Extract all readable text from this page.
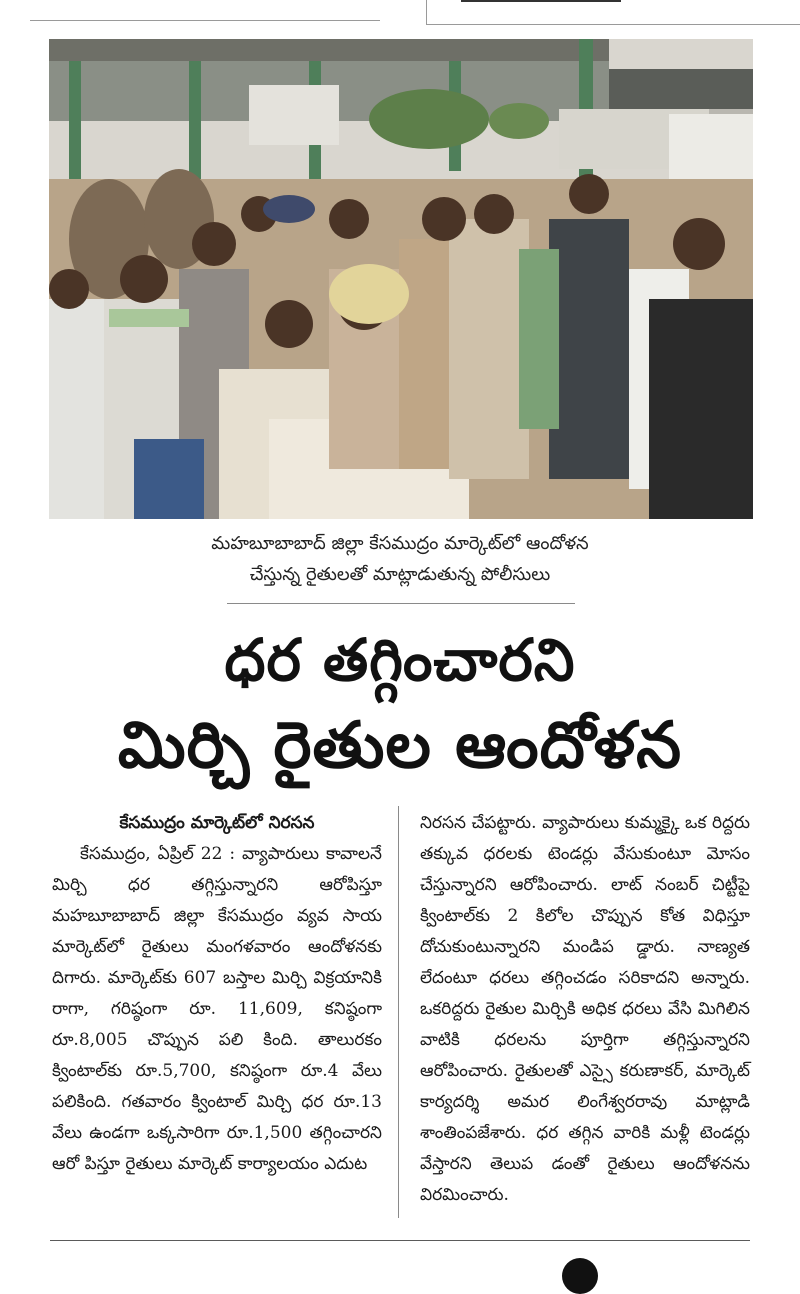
మహబూబాబాద్ జిల్లా కేసముద్రం మార్కెట్‌లో ఆందోళన
చేస్తున్న రైతులతో మాట్లాడుతున్న పోలీసులు
ధర తగ్గించారని
మిర్చి రైతుల ఆందోళన

కేసముద్రం మార్కెట్‌లో నిరసన

కేసముద్రం, ఏప్రిల్ 22 : వ్యాపారులు కావాలనే మిర్చి ధర తగ్గిస్తున్నారని ఆరోపిస్తూ మహబూబాబాద్ జిల్లా కేసముద్రం వ్యవ సాయ మార్కెట్‌లో రైతులు మంగళవారం ఆందోళనకు దిగారు. మార్కెట్‌కు 607 బస్తాల మిర్చి విక్రయానికి రాగా, గరిష్ఠంగా రూ. 11,609, కనిష్ఠంగా రూ.8,005 చొప్పున పలి కింది. తాలురకం క్వింటాల్‌కు రూ.5,700, కనిష్ఠంగా రూ.4 వేలు పలికింది. గతవారం క్వింటాల్ మిర్చి ధర రూ.13 వేలు ఉండగా ఒక్కసారిగా రూ.1,500 తగ్గించారని ఆరో పిస్తూ రైతులు మార్కెట్ కార్యాలయం ఎదుట

నిరసన చేపట్టారు. వ్యాపారులు కుమ్మక్కై ఒక రిద్దరు తక్కువ ధరలకు టెండర్లు వేసుకుంటూ మోసం చేస్తున్నారని ఆరోపించారు. లాట్ నంబర్ చిట్టీపై క్వింటాల్‌కు 2 కిలోల చొప్పున కోత విధిస్తూ దోచుకుంటున్నారని మండిప డ్డారు. నాణ్యత లేదంటూ ధరలు తగ్గించడం సరికాదని అన్నారు. ఒకరిద్దరు రైతుల మిర్చికి అధిక ధరలు వేసి మిగిలిన వాటికి ధరలను పూర్తిగా తగ్గిస్తున్నారని ఆరోపించారు. రైతులతో ఎస్సై కరుణాకర్, మార్కెట్ కార్యదర్శి అమర లింగేశ్వరరావు మాట్లాడి శాంతింపజేశారు. ధర తగ్గిన వారికి మళ్లీ టెండర్లు వేస్తారని తెలుప డంతో రైతులు ఆందోళనను విరమించారు.
